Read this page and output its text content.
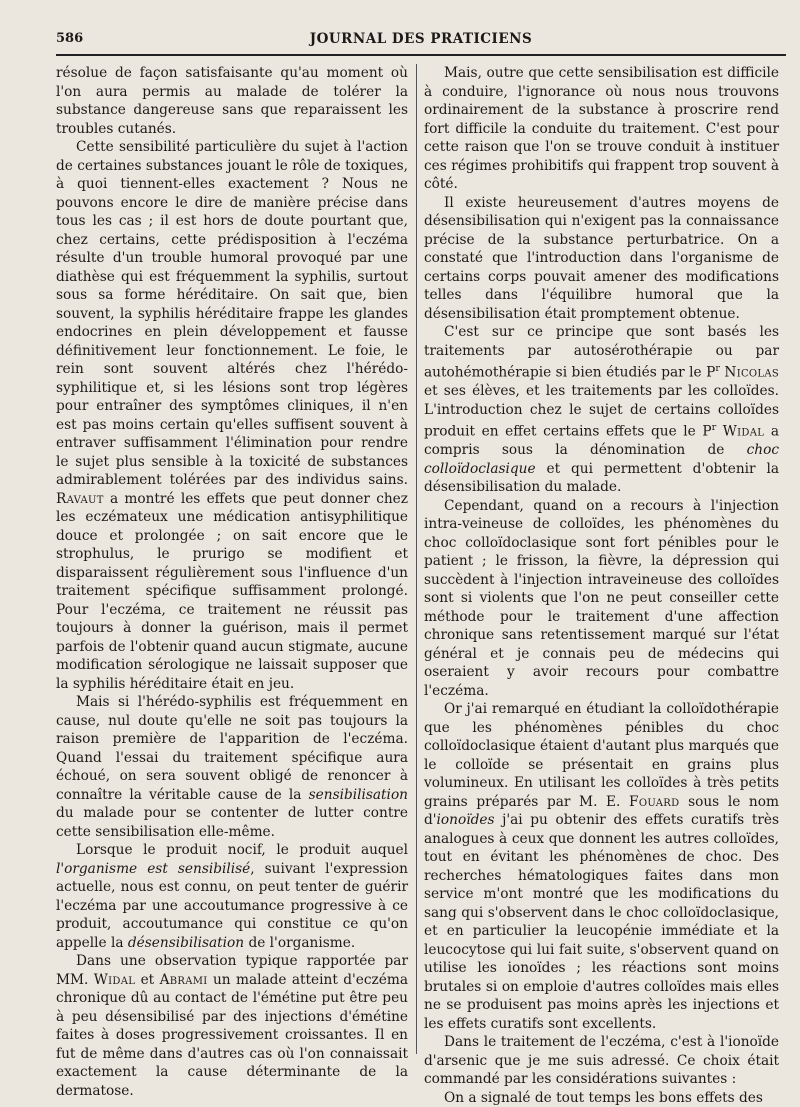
586	JOURNAL DES PRATICIENS

résolue de façon satisfaisante qu'au moment où l'on aura permis au malade de tolérer la substance dangereuse sans que reparaissent les troubles cutanés.

Cette sensibilité particulière du sujet à l'action de certaines substances jouant le rôle de toxiques, à quoi tiennent-elles exactement ? Nous ne pouvons encore le dire de manière précise dans tous les cas ; il est hors de doute pourtant que, chez certains, cette prédisposition à l'eczéma résulte d'un trouble humoral provoqué par une diathèse qui est fréquemment la syphilis, surtout sous sa forme héréditaire. On sait que, bien souvent, la syphilis héréditaire frappe les glandes endocrines en plein développement et fausse définitivement leur fonctionnement. Le foie, le rein sont souvent altérés chez l'hérédo-syphilitique et, si les lésions sont trop légères pour entraîner des symptômes cliniques, il n'en est pas moins certain qu'elles suffisent souvent à entraver suffisamment l'élimination pour rendre le sujet plus sensible à la toxicité de substances admirablement tolérées par des individus sains. Ravaut a montré les effets que peut donner chez les eczémateux une médication antisyphilitique douce et prolongée ; on sait encore que le strophulus, le prurigo se modifient et disparaissent régulièrement sous l'influence d'un traitement spécifique suffisamment prolongé. Pour l'eczéma, ce traitement ne réussit pas toujours à donner la guérison, mais il permet parfois de l'obtenir quand aucun stigmate, aucune modification sérologique ne laissait supposer que la syphilis héréditaire était en jeu.

Mais si l'hérédo-syphilis est fréquemment en cause, nul doute qu'elle ne soit pas toujours la raison première de l'apparition de l'eczéma. Quand l'essai du traitement spécifique aura échoué, on sera souvent obligé de renoncer à connaître la véritable cause de la sensibilisation du malade pour se contenter de lutter contre cette sensibilisation elle-même.

Lorsque le produit nocif, le produit auquel l'organisme est sensibilisé, suivant l'expression actuelle, nous est connu, on peut tenter de guérir l'eczéma par une accoutumance progressive à ce produit, accoutumance qui constitue ce qu'on appelle la désensibilisation de l'organisme.

Dans une observation typique rapportée par MM. Widal et Abrami un malade atteint d'eczéma chronique dû au contact de l'émétine put être peu à peu désensibilisé par des injections d'émétine faites à doses progressivement croissantes. Il en fut de même dans d'autres cas où l'on connaissait exactement la cause déterminante de la dermatose.

Mais, outre que cette sensibilisation est difficile à conduire, l'ignorance où nous nous trouvons ordinairement de la substance à proscrire rend fort difficile la conduite du traitement. C'est pour cette raison que l'on se trouve conduit à instituer ces régimes prohibitifs qui frappent trop souvent à côté.

Il existe heureusement d'autres moyens de désensibilisation qui n'exigent pas la connaissance précise de la substance perturbatrice. On a constaté que l'introduction dans l'organisme de certains corps pouvait amener des modifications telles dans l'équilibre humoral que la désensibilisation était promptement obtenue.

C'est sur ce principe que sont basés les traitements par autosérothérapie ou par autohémothérapie si bien étudiés par le $P^r$ Nicolas et ses élèves, et les traitements par les colloïdes. L'introduction chez le sujet de certains colloïdes produit en effet certains effets que le $P^r$ Widal a compris sous la dénomination de choc colloïdoclasique et qui permettent d'obtenir la désensibilisation du malade.

Cependant, quand on a recours à l'injection intra-veineuse de colloïdes, les phénomènes du choc colloïdoclasique sont fort pénibles pour le patient ; le frisson, la fièvre, la dépression qui succèdent à l'injection intraveineuse des colloïdes sont si violents que l'on ne peut conseiller cette méthode pour le traitement d'une affection chronique sans retentissement marqué sur l'état général et je connais peu de médecins qui oseraient y avoir recours pour combattre l'eczéma.

Or j'ai remarqué en étudiant la colloïdothérapie que les phénomènes pénibles du choc colloïdoclasique étaient d'autant plus marqués que le colloïde se présentait en grains plus volumineux. En utilisant les colloïdes à très petits grains préparés par M. E. Fouard sous le nom d'ionoïdes j'ai pu obtenir des effets curatifs très analogues à ceux que donnent les autres colloïdes, tout en évitant les phénomènes de choc. Des recherches hématologiques faites dans mon service m'ont montré que les modifications du sang qui s'observent dans le choc colloïdoclasique, et en particulier la leucopénie immédiate et la leucocytose qui lui fait suite, s'observent quand on utilise les ionoïdes ; les réactions sont moins brutales si on emploie d'autres colloïdes mais elles ne se produisent pas moins après les injections et les effets curatifs sont excellents.

Dans le traitement de l'eczéma, c'est à l'ionoïde d'arsenic que je me suis adressé. Ce choix était commandé par les considérations suivantes :

On a signalé de tout temps les bons effets des
